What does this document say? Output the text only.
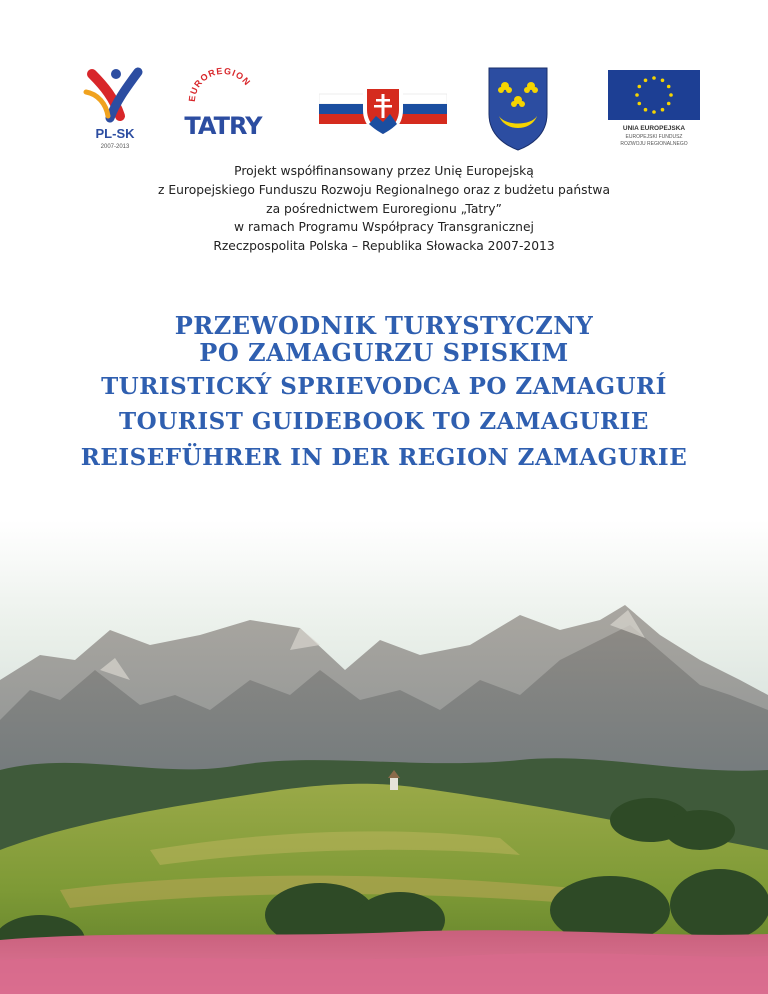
PL-SK
2007-2013
EUROREGION
TATRY	UNIA EUROPEJSKA
EUROPEJSKI FUNDUSZ
ROZWOJU REGIONALNEGO
Projekt współfinansowany przez Unię Europejską
z Europejskiego Funduszu Rozwoju Regionalnego oraz z budżetu państwa
za pośrednictwem Euroregionu „Tatry”
w ramach Programu Współpracy Transgranicznej
Rzeczpospolita Polska – Republika Słowacka 2007-2013
PRZEWODNIK TURYSTYCZNY
PO ZAMAGURZU SPISKIM
TURISTICKÝ SPRIEVODCA PO ZAMAGURÍ
TOURIST GUIDEBOOK TO ZAMAGURIE
REISEFÜHRER IN DER REGION ZAMAGURIE
